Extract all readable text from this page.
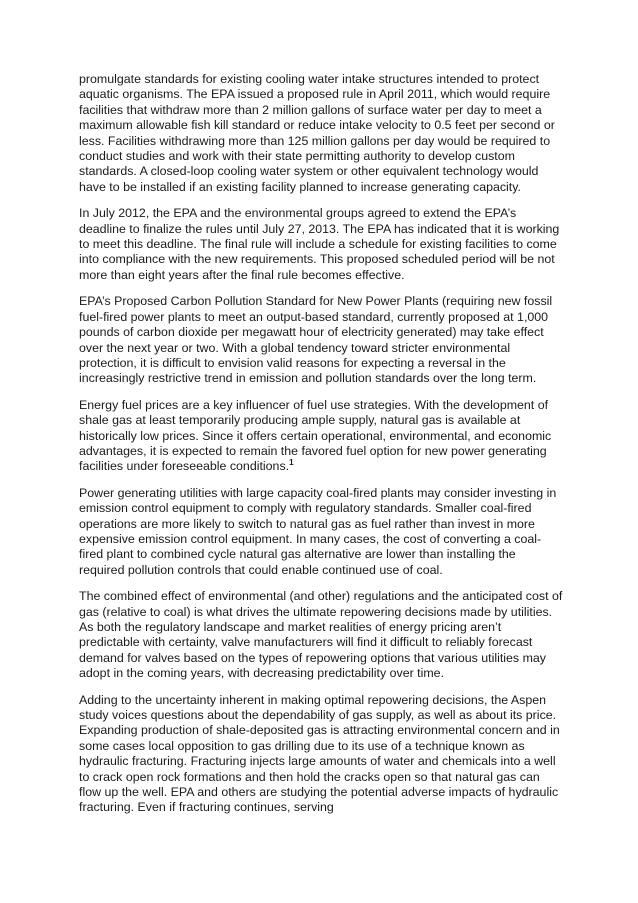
promulgate standards for existing cooling water intake structures intended to protect aquatic organisms. The EPA issued a proposed rule in April 2011, which would require facilities that withdraw more than 2 million gallons of surface water per day to meet a maximum allowable fish kill standard or reduce intake velocity to 0.5 feet per second or less. Facilities withdrawing more than 125 million gallons per day would be required to conduct studies and work with their state permitting authority to develop custom standards. A closed-loop cooling water system or other equivalent technology would have to be installed if an existing facility planned to increase generating capacity.

In July 2012, the EPA and the environmental groups agreed to extend the EPA’s deadline to finalize the rules until July 27, 2013. The EPA has indicated that it is working to meet this deadline. The final rule will include a schedule for existing facilities to come into compliance with the new requirements. This proposed scheduled period will be not more than eight years after the final rule becomes effective.

EPA’s Proposed Carbon Pollution Standard for New Power Plants (requiring new fossil fuel-fired power plants to meet an output-based standard, currently proposed at 1,000 pounds of carbon dioxide per megawatt hour of electricity generated) may take effect over the next year or two. With a global tendency toward stricter environmental protection, it is difficult to envision valid reasons for expecting a reversal in the increasingly restrictive trend in emission and pollution standards over the long term.

Energy fuel prices are a key influencer of fuel use strategies. With the development of shale gas at least temporarily producing ample supply, natural gas is available at historically low prices. Since it offers certain operational, environmental, and economic advantages, it is expected to remain the favored fuel option for new power generating facilities under foreseeable conditions.$^1$

Power generating utilities with large capacity coal-fired plants may consider investing in emission control equipment to comply with regulatory standards. Smaller coal-fired operations are more likely to switch to natural gas as fuel rather than invest in more expensive emission control equipment. In many cases, the cost of converting a coal-fired plant to combined cycle natural gas alternative are lower than installing the required pollution controls that could enable continued use of coal.

The combined effect of environmental (and other) regulations and the anticipated cost of gas (relative to coal) is what drives the ultimate repowering decisions made by utilities. As both the regulatory landscape and market realities of energy pricing aren’t predictable with certainty, valve manufacturers will find it difficult to reliably forecast demand for valves based on the types of repowering options that various utilities may adopt in the coming years, with decreasing predictability over time.

Adding to the uncertainty inherent in making optimal repowering decisions, the Aspen study voices questions about the dependability of gas supply, as well as about its price. Expanding production of shale-deposited gas is attracting environmental concern and in some cases local opposition to gas drilling due to its use of a technique known as hydraulic fracturing. Fracturing injects large amounts of water and chemicals into a well to crack open rock formations and then hold the cracks open so that natural gas can flow up the well. EPA and others are studying the potential adverse impacts of hydraulic fracturing. Even if fracturing continues, serving
